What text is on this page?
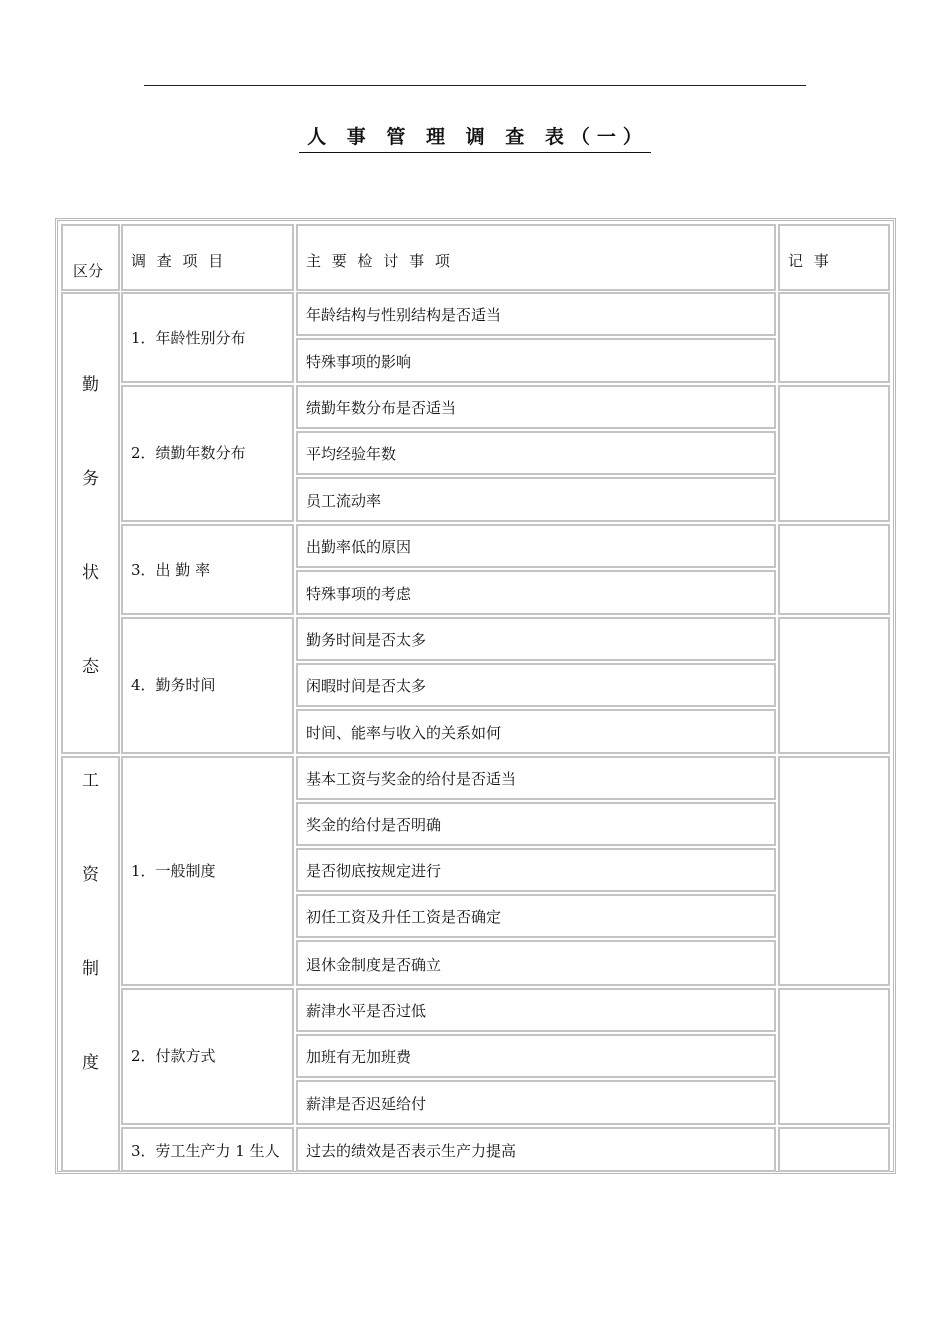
人 事 管 理 调 查 表（一）
区分
调 查 项 目	主 要 检 讨 事 项	记 事
勤
务
状
态
1．年龄性别分布
年龄结构与性别结构是否适当
特殊事项的影响
2．绩勤年数分布
绩勤年数分布是否适当
平均经验年数
员工流动率
3．出 勤 率
出勤率低的原因
特殊事项的考虑
4．勤务时间
勤务时间是否太多
闲暇时间是否太多
时间、能率与收入的关系如何
工
资
制
度
1．一般制度
基本工资与奖金的给付是否适当
奖金的给付是否明确
是否彻底按规定进行
初任工资及升任工资是否确定
退休金制度是否确立
2．付款方式
薪津水平是否过低
加班有无加班费
薪津是否迟延给付
3．劳工生产力 1 生人 过去的绩效是否表示生产力提高
